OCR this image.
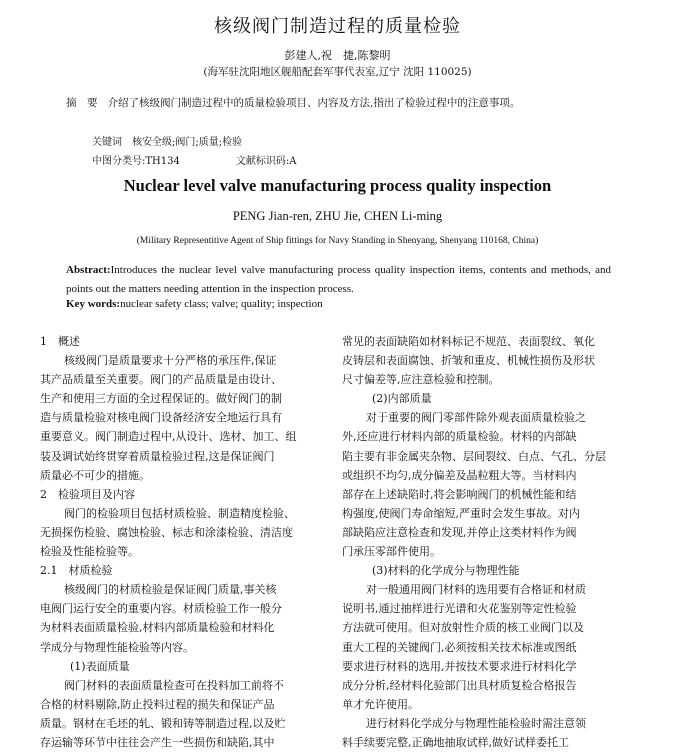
核级阀门制造过程的质量检验
彭建人,祝　捷,陈黎明
(海军驻沈阳地区舰船配套军事代表室,辽宁 沈阳 110025)
摘　要 介绍了核级阀门制造过程中的质量检验项目、内容及方法,指出了检验过程中的注意事项。
关键词　核安全级;阀门;质量;检验
中图分类号:TH134	文献标识码:A
Nuclear level valve manufacturing process quality inspection
PENG Jian-ren, ZHU Jie, CHEN Li-ming
(Military Representitive Agent of Ship fittings for Navy Standing in Shenyang, Shenyang 110168, China)
Abstract:Introduces the nuclear level valve manufacturing process quality inspection items, contents and methods, and points out the matters needing attention in the inspection process.
Key words:nuclear safety class; valve; quality; inspection
1　概述
核级阀门是质量要求十分严格的承压件,保证
其产品质量至关重要。阀门的产品质量是由设计、
生产和使用三方面的全过程保证的。做好阀门的制
造与质量检验对核电阀门设备经济安全地运行具有
重要意义。阀门制造过程中,从设计、选材、加工、组
装及调试始终贯穿着质量检验过程,这是保证阀门
质量必不可少的措施。
2　检验项目及内容
阀门的检验项目包括材质检验、制造精度检验、
无损探伤检验、腐蚀检验、标志和涂漆检验、清洁度
检验及性能检验等。
2.1　材质检验
核级阀门的材质检验是保证阀门质量,事关核
电阀门运行安全的重要内容。材质检验工作一般分
为材料表面质量检验,材料内部质量检验和材料化
学成分与物理性能检验等内容。
(1)表面质量
阀门材料的表面质量检查可在投料加工前将不
合格的材料剔除,防止投料过程的损失和保证产品
质量。钢材在毛坯的轧、锻和铸等制造过程,以及贮
存运输等环节中往往会产生一些损伤和缺陷,其中
常见的表面缺陷如材料标记不规范、表面裂纹、氧化
皮铸层和表面腐蚀、折皱和重皮、机械性损伤及形状
尺寸偏差等,应注意检验和控制。
(2)内部质量
对于重要的阀门零部件除外观表面质量检验之
外,还应进行材料内部的质量检验。材料的内部缺
陷主要有非金属夹杂物、层间裂纹、白点、气孔、分层
或组织不均匀,成分偏差及晶粒粗大等。当材料内
部存在上述缺陷时,将会影响阀门的机械性能和结
构强度,使阀门寿命缩短,严重时会发生事故。对内
部缺陷应注意检查和发现,并停止这类材料作为阀
门承压零部件使用。
(3)材料的化学成分与物理性能
对一般通用阀门材料的选用要有合格证和材质
说明书,通过抽样进行光谱和火花鉴别等定性检验
方法就可使用。但对放射性介质的核工业阀门以及
重大工程的关键阀门,必须按相关技术标准或图纸
要求进行材料的选用,并按技术要求进行材料化学
成分分析,经材料化验部门出具材质复检合格报告
单才允许使用。
进行材料化学成分与物理性能检验时需注意领
料手续要完整,正确地抽取试样,做好试样委托工
